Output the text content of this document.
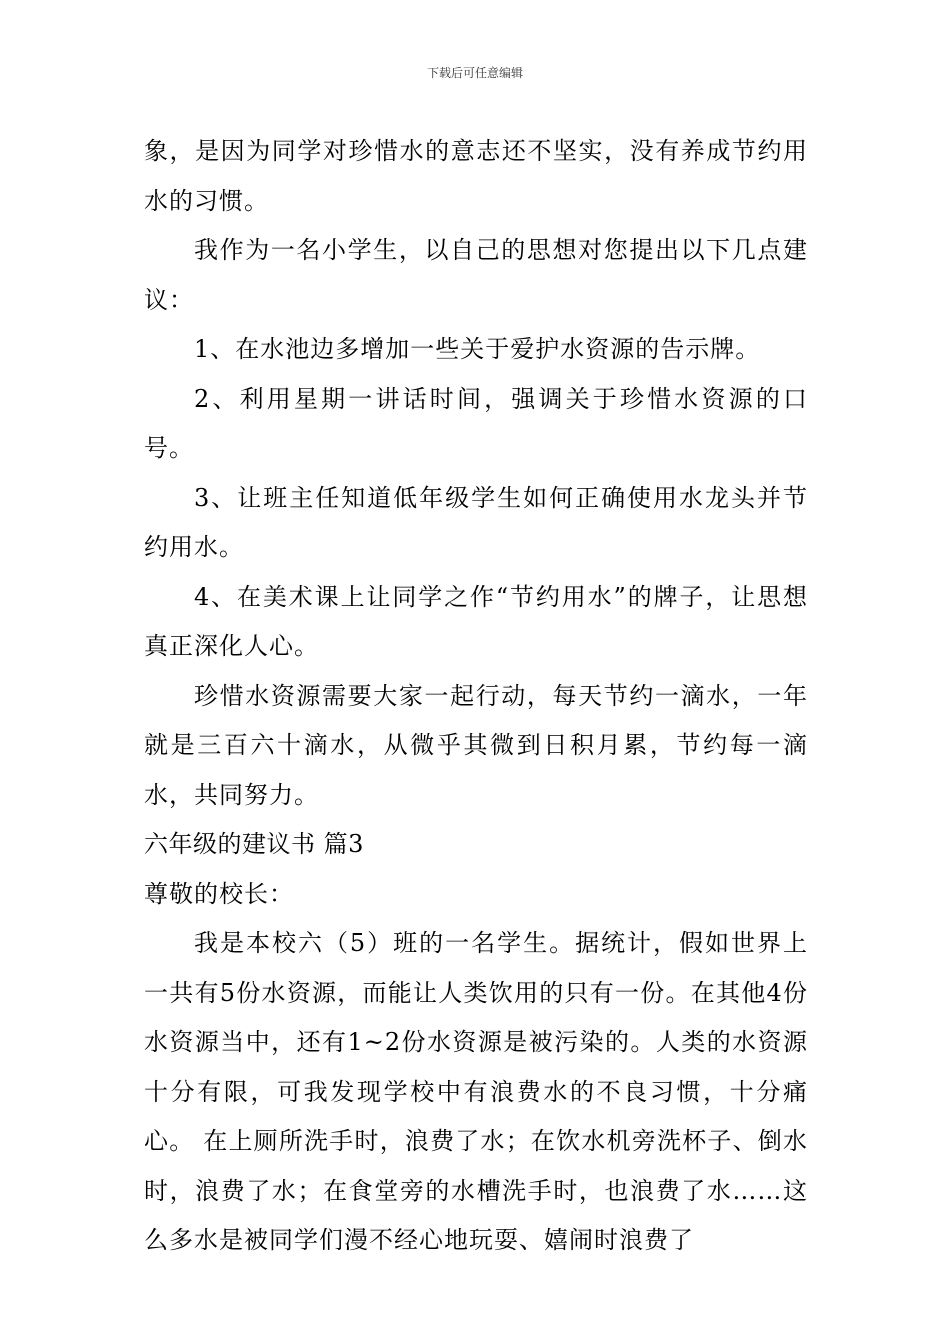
下载后可任意编辑

象，是因为同学对珍惜水的意志还不坚实，没有养成节约用水的习惯。

我作为一名小学生，以自己的思想对您提出以下几点建议：

1、在水池边多增加一些关于爱护水资源的告示牌。

2、利用星期一讲话时间，强调关于珍惜水资源的口号。

3、让班主任知道低年级学生如何正确使用水龙头并节约用水。

4、在美术课上让同学之作“节约用水”的牌子，让思想真正深化人心。

珍惜水资源需要大家一起行动，每天节约一滴水，一年就是三百六十滴水，从微乎其微到日积月累，节约每一滴水，共同努力。

六年级的建议书 篇3

尊敬的校长：

我是本校六（5）班的一名学生。据统计，假如世界上一共有5份水资源，而能让人类饮用的只有一份。在其他4份水资源当中，还有1~2份水资源是被污染的。人类的水资源十分有限，可我发现学校中有浪费水的不良习惯，十分痛心。 在上厕所洗手时，浪费了水；在饮水机旁洗杯子、倒水时，浪费了水；在食堂旁的水槽洗手时，也浪费了水……这么多水是被同学们漫不经心地玩耍、嬉闹时浪费了
